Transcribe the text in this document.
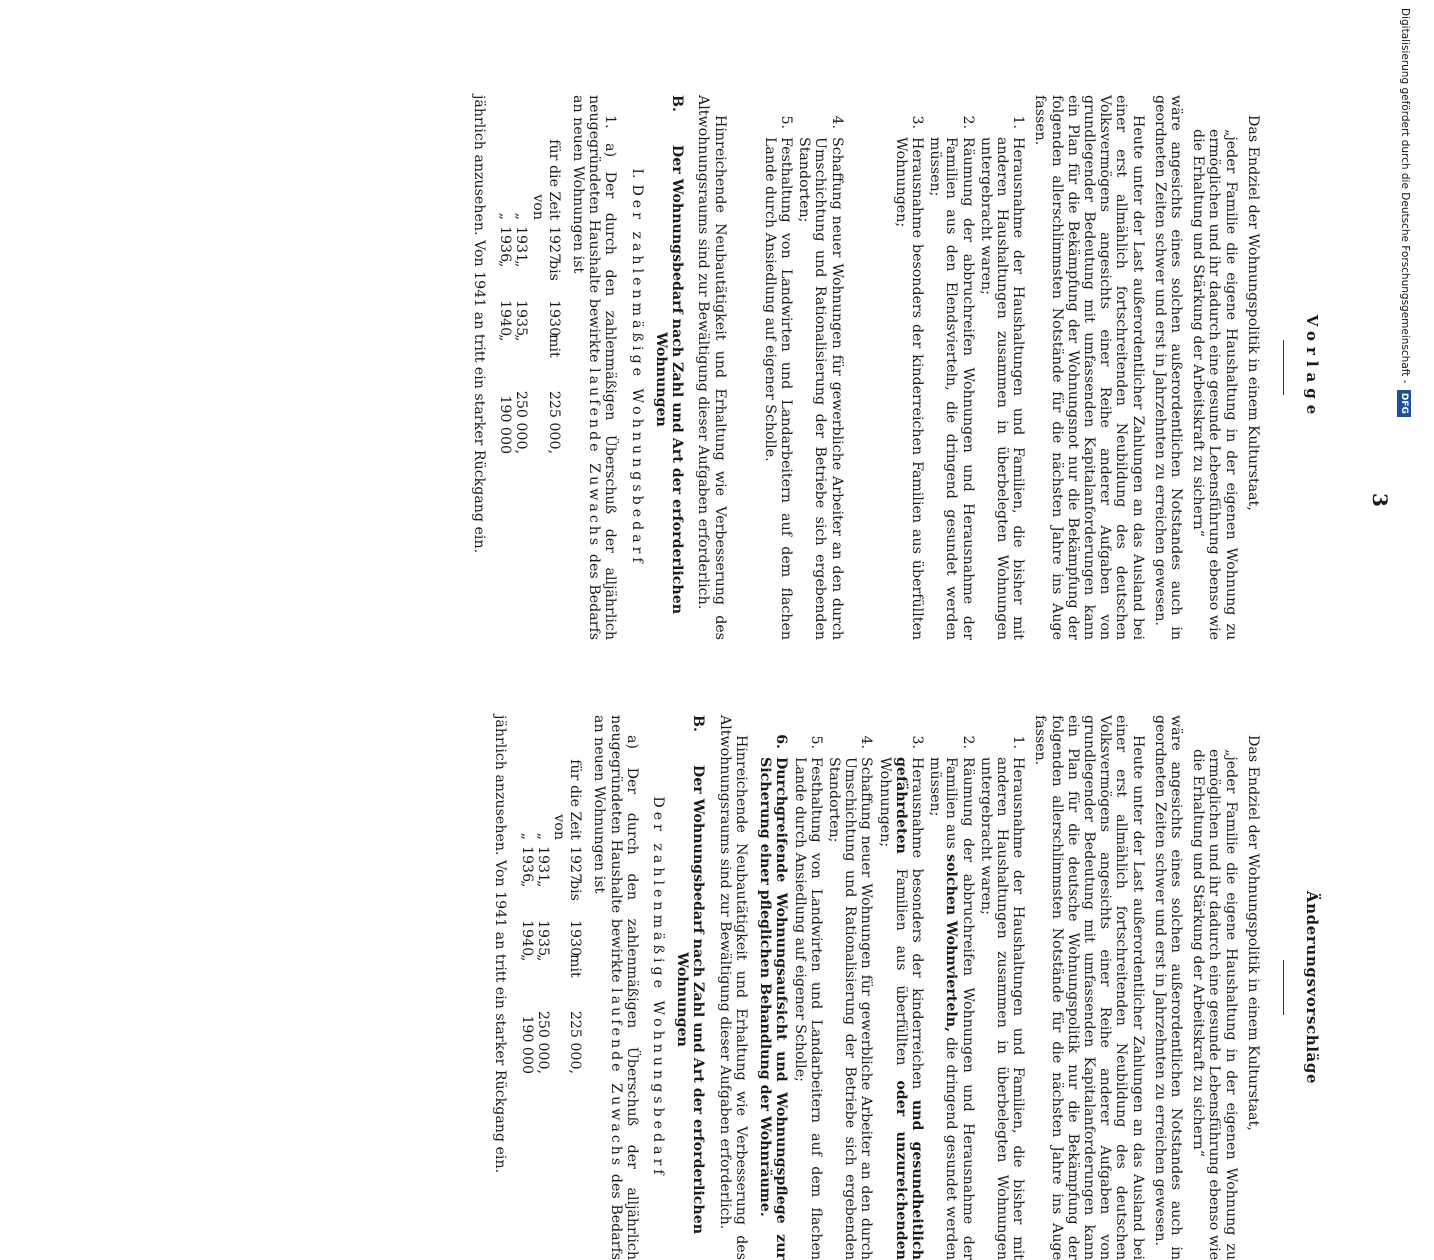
Digitalisierung gefördert durch die Deutsche Forschungsgemeinschaft - DFG
3
Vorlage

Das Endziel der Wohnungspolitik in einem Kulturstaat,

„jeder Familie die eigene Haushaltung in der eigenen Wohnung zu ermöglichen und ihr dadurch eine gesunde Lebensführung ebenso wie die Erhaltung und Stärkung der Arbeitskraft zu sichern“

wäre angesichts eines solchen außerordentlichen Notstandes auch in geordneten Zeiten schwer und erst in Jahrzehnten zu erreichen gewesen.

Heute unter der Last außerordentlicher Zahlungen an das Ausland bei einer erst allmählich fortschreitenden Neubildung des deutschen Volksvermögens angesichts einer Reihe anderer Aufgaben von grundlegender Bedeutung mit umfassenden Kapitalanforderungen kann ein Plan für die Bekämpfung der Wohnungsnot nur die Bekämpfung der folgenden allerschlimmsten Notstände für die nächsten Jahre ins Auge fassen.

1.
Herausnahme der Haushaltungen und Familien, die bisher mit anderen Haushaltungen zusammen in überbelegten Wohnungen untergebracht waren;
2.
Räumung der abbruchreifen Wohnungen und Herausnahme der Familien aus den Elendsvierteln, die dringend gesundet werden müssen;
3.
Herausnahme besonders der kinderreichen Familien aus überfüllten Wohnungen;
4.
Schaffung neuer Wohnungen für gewerbliche Arbeiter an den durch Umschichtung und Rationalisierung der Betriebe sich ergebenden Standorten;
5.
Festhaltung von Landwirten und Landarbeitern auf dem flachen Lande durch Ansiedlung auf eigener Scholle.

Hinreichende Neubautätigkeit und Erhaltung wie Verbesserung des Altwohnungsraums sind zur Bewältigung dieser Aufgaben erforderlich.

B.
Der Wohnungsbedarf nach Zahl und Art der erforderlichen Wohnungen
I.Der zahlenmäßige Wohnungsbedarf

1. a) Der durch den zahlenmäßigen Überschuß der alljährlich neugegründeten Haushalte bewirkte laufende Zuwachs des Bedarfs an neuen Wohnungen ist

für die Zeit von
1927
bis
1930
mit
225 000,
„
1931
„
1935
„
250 000,
„
1936
„
1940
„
190 000

jährlich anzusehen. Von 1941 an tritt ein starker Rückgang ein.

Änderungsvorschläge

Das Endziel der Wohnungspolitik in einem Kulturstaat,

„jeder Familie die eigene Haushaltung in der eigenen Wohnung zu ermöglichen und ihr dadurch eine gesunde Lebensführung ebenso wie die Erhaltung und Stärkung der Arbeitskraft zu sichern“

wäre angesichts eines solchen außerordentlichen Notstandes auch in geordneten Zeiten schwer und erst in Jahrzehnten zu erreichen gewesen.

Heute unter der Last außerordentlicher Zahlungen an das Ausland bei einer erst allmählich fortschreitenden Neubildung des deutschen Volksvermögens angesichts einer Reihe anderer Aufgaben von grundlegender Bedeutung mit umfassenden Kapitalanforderungen kann ein Plan für die deutsche Wohnungspolitik nur die Bekämpfung der folgenden allerschlimmsten Notstände für die nächsten Jahre ins Auge fassen.

1.
Herausnahme der Haushaltungen und Familien, die bisher mit anderen Haushaltungen zusammen in überbelegten Wohnungen untergebracht waren;
2.
Räumung der abbruchreifen Wohnungen und Herausnahme der Familien aus solchen Wohnvierteln, die dringend gesundet werden müssen;
3.
Herausnahme besonders der kinderreichen und gesundheitlich gefährdeten Familien aus überfüllten oder unzureichenden Wohnungen;
4.
Schaffung neuer Wohnungen für gewerbliche Arbeiter an den durch Umschichtung und Rationalisierung der Betriebe sich ergebenden Standorten;
5.
Festhaltung von Landwirten und Landarbeitern auf dem flachen Lande durch Ansiedlung auf eigener Scholle;
6.
Durchgreifende Wohnungsaufsicht und Wohnungspflege zur Sicherung einer pfleglichen Behandlung der Wohnräume.

Hinreichende Neubautätigkeit und Erhaltung wie Verbesserung des Altwohnungsraums sind zur Bewältigung dieser Aufgaben erforderlich.

B.
Der Wohnungsbedarf nach Zahl und Art der erforderlichen Wohnungen
Der zahlenmäßige Wohnungsbedarf

a) Der durch den zahlenmäßigen Überschuß der alljährlich neugegründeten Haushalte bewirkte laufende Zuwachs des Bedarfs an neuen Wohnungen ist

für die Zeit von
1927
bis
1930
mit
225 000,
„
1931
„
1935
„
250 000,
„
1936
„
1940
„
190 000

jährlich anzusehen. Von 1941 an tritt ein starker Rückgang ein.
